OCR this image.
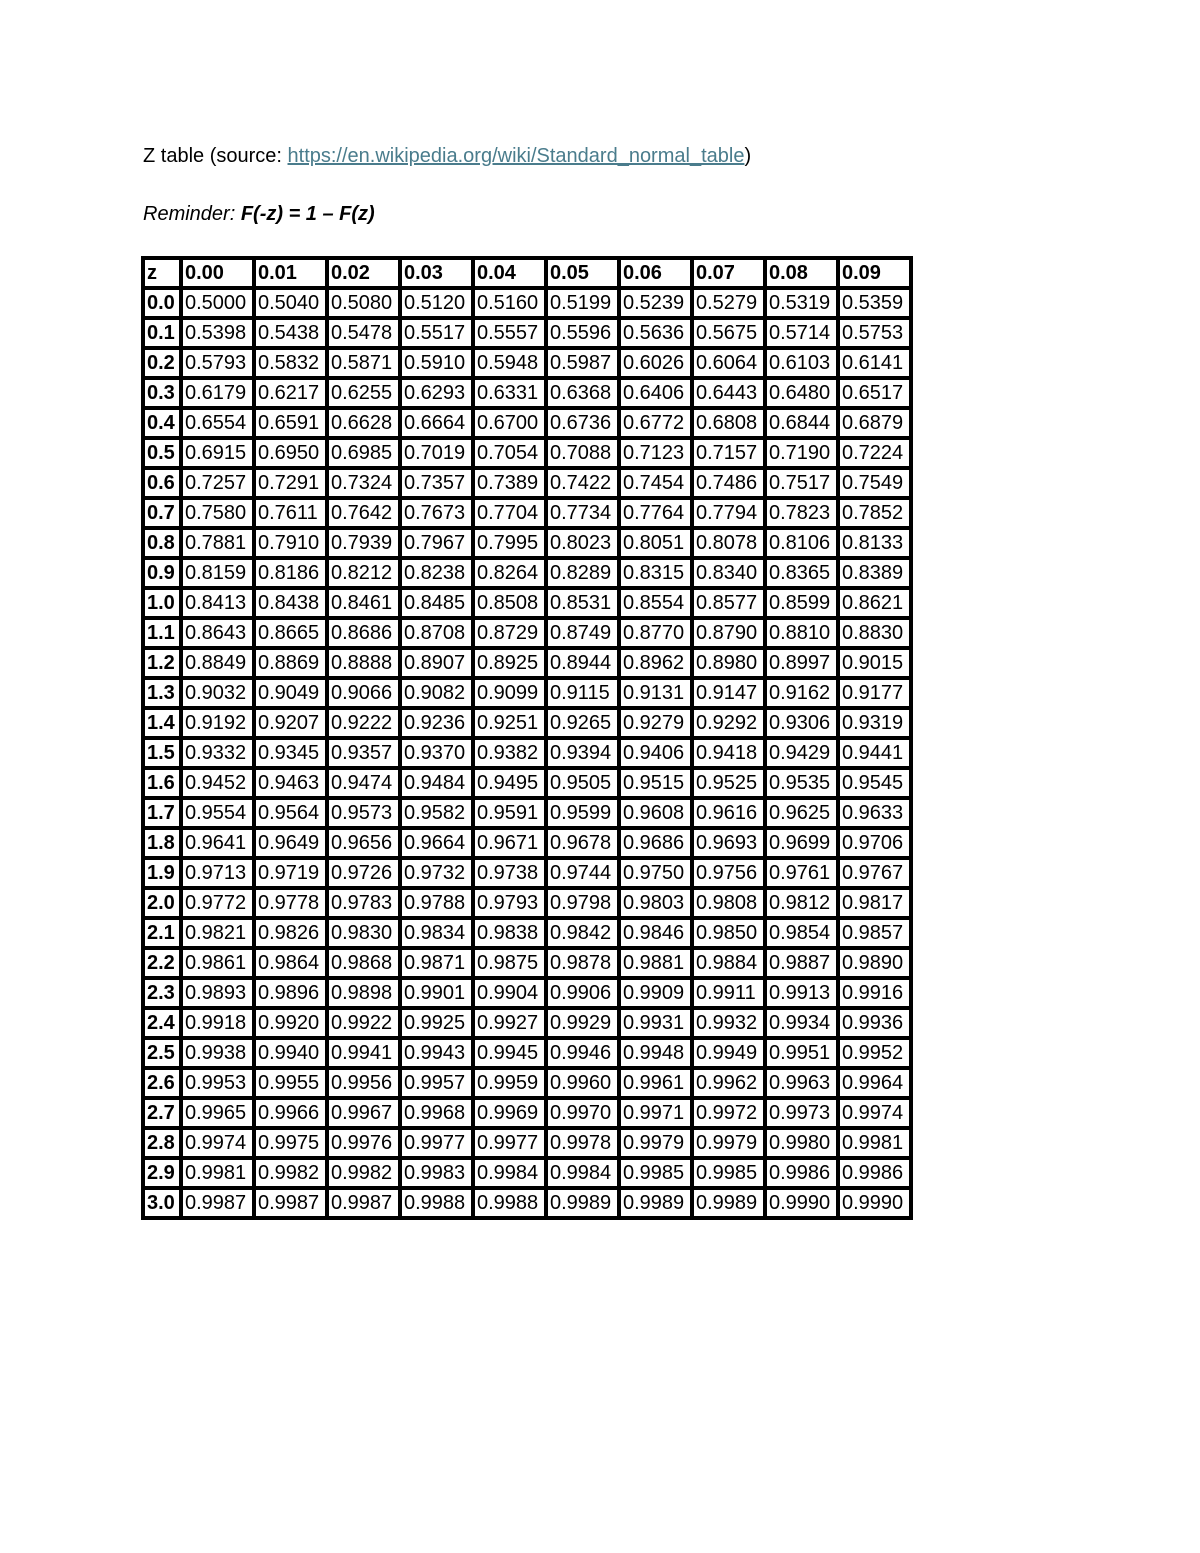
Z table (source: https://en.wikipedia.org/wiki/Standard_normal_table)
Reminder: F(-z) = 1 – F(z)
z	0.00	0.01	0.02	0.03	0.04	0.05	0.06	0.07	0.08	0.09
0.0	0.5000	0.5040	0.5080	0.5120	0.5160	0.5199	0.5239	0.5279	0.5319	0.5359
0.1	0.5398	0.5438	0.5478	0.5517	0.5557	0.5596	0.5636	0.5675	0.5714	0.5753
0.2	0.5793	0.5832	0.5871	0.5910	0.5948	0.5987	0.6026	0.6064	0.6103	0.6141
0.3	0.6179	0.6217	0.6255	0.6293	0.6331	0.6368	0.6406	0.6443	0.6480	0.6517
0.4	0.6554	0.6591	0.6628	0.6664	0.6700	0.6736	0.6772	0.6808	0.6844	0.6879
0.5	0.6915	0.6950	0.6985	0.7019	0.7054	0.7088	0.7123	0.7157	0.7190	0.7224
0.6	0.7257	0.7291	0.7324	0.7357	0.7389	0.7422	0.7454	0.7486	0.7517	0.7549
0.7	0.7580	0.7611	0.7642	0.7673	0.7704	0.7734	0.7764	0.7794	0.7823	0.7852
0.8	0.7881	0.7910	0.7939	0.7967	0.7995	0.8023	0.8051	0.8078	0.8106	0.8133
0.9	0.8159	0.8186	0.8212	0.8238	0.8264	0.8289	0.8315	0.8340	0.8365	0.8389
1.0	0.8413	0.8438	0.8461	0.8485	0.8508	0.8531	0.8554	0.8577	0.8599	0.8621
1.1	0.8643	0.8665	0.8686	0.8708	0.8729	0.8749	0.8770	0.8790	0.8810	0.8830
1.2	0.8849	0.8869	0.8888	0.8907	0.8925	0.8944	0.8962	0.8980	0.8997	0.9015
1.3	0.9032	0.9049	0.9066	0.9082	0.9099	0.9115	0.9131	0.9147	0.9162	0.9177
1.4	0.9192	0.9207	0.9222	0.9236	0.9251	0.9265	0.9279	0.9292	0.9306	0.9319
1.5	0.9332	0.9345	0.9357	0.9370	0.9382	0.9394	0.9406	0.9418	0.9429	0.9441
1.6	0.9452	0.9463	0.9474	0.9484	0.9495	0.9505	0.9515	0.9525	0.9535	0.9545
1.7	0.9554	0.9564	0.9573	0.9582	0.9591	0.9599	0.9608	0.9616	0.9625	0.9633
1.8	0.9641	0.9649	0.9656	0.9664	0.9671	0.9678	0.9686	0.9693	0.9699	0.9706
1.9	0.9713	0.9719	0.9726	0.9732	0.9738	0.9744	0.9750	0.9756	0.9761	0.9767
2.0	0.9772	0.9778	0.9783	0.9788	0.9793	0.9798	0.9803	0.9808	0.9812	0.9817
2.1	0.9821	0.9826	0.9830	0.9834	0.9838	0.9842	0.9846	0.9850	0.9854	0.9857
2.2	0.9861	0.9864	0.9868	0.9871	0.9875	0.9878	0.9881	0.9884	0.9887	0.9890
2.3	0.9893	0.9896	0.9898	0.9901	0.9904	0.9906	0.9909	0.9911	0.9913	0.9916
2.4	0.9918	0.9920	0.9922	0.9925	0.9927	0.9929	0.9931	0.9932	0.9934	0.9936
2.5	0.9938	0.9940	0.9941	0.9943	0.9945	0.9946	0.9948	0.9949	0.9951	0.9952
2.6	0.9953	0.9955	0.9956	0.9957	0.9959	0.9960	0.9961	0.9962	0.9963	0.9964
2.7	0.9965	0.9966	0.9967	0.9968	0.9969	0.9970	0.9971	0.9972	0.9973	0.9974
2.8	0.9974	0.9975	0.9976	0.9977	0.9977	0.9978	0.9979	0.9979	0.9980	0.9981
2.9	0.9981	0.9982	0.9982	0.9983	0.9984	0.9984	0.9985	0.9985	0.9986	0.9986
3.0	0.9987	0.9987	0.9987	0.9988	0.9988	0.9989	0.9989	0.9989	0.9990	0.9990
